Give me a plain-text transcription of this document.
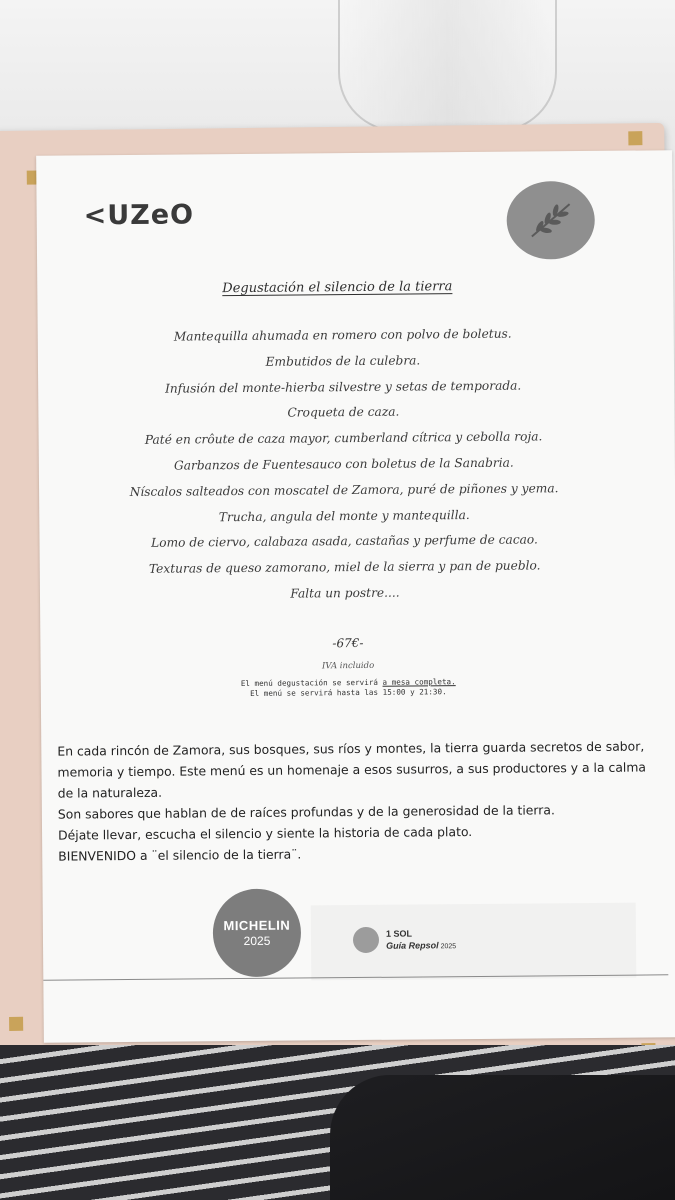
<UZeO
Degustación el silencio de la tierra
Mantequilla ahumada en romero con polvo de boletus.
Embutidos de la culebra.
Infusión del monte-hierba silvestre y setas de temporada.
Croqueta de caza.
Paté en crôute de caza mayor, cumberland cítrica y cebolla roja.
Garbanzos de Fuentesauco con boletus de la Sanabria.
Níscalos salteados con moscatel de Zamora, puré de piñones y yema.
Trucha, angula del monte y mantequilla.
Lomo de ciervo, calabaza asada, castañas y perfume de cacao.
Texturas de queso zamorano, miel de la sierra y pan de pueblo.
Falta un postre....
-67€-
IVA incluido
El menú degustación se servirá a mesa completa.
El menú se servirá hasta las 15:00 y 21:30.

En cada rincón de Zamora, sus bosques, sus ríos y montes, la tierra guarda secretos de sabor, memoria y tiempo. Este menú es un homenaje a esos susurros, a sus productores y a la calma de la naturaleza.

Son sabores que hablan de de raíces profundas y de la generosidad de la tierra.

Déjate llevar, escucha el silencio y siente la historia de cada plato.

BIENVENIDO a ¨el silencio de la tierra¨.

MICHELIN
2025
1 SOL
Guía Repsol 2025
